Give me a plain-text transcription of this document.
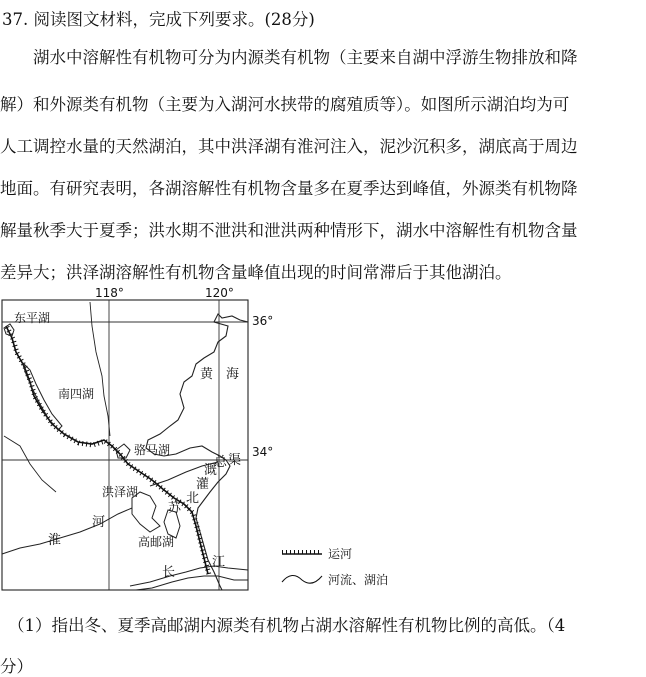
37. 阅读图文材料，完成下列要求。(28分)
湖水中溶解性有机物可分为内源类有机物（主要来自湖中浮游生物排放和降
解）和外源类有机物（主要为入湖河水挟带的腐殖质等）。如图所示湖泊均为可
人工调控水量的天然湖泊，其中洪泽湖有淮河注入，泥沙沉积多，湖底高于周边
地面。有研究表明，各湖溶解性有机物含量多在夏季达到峰值，外源类有机物降
解量秋季大于夏季；洪水期不泄洪和泄洪两种情形下，湖水中溶解性有机物含量
差异大；洪泽湖溶解性有机物含量峰值出现的时间常滞后于其他湖泊。
118°	120°
36°
34°
东平湖
南四湖
骆马湖
洪泽湖
高邮湖
黄 海
淮
河
苏
北
灌
溉
总 渠
长
江
运河
河流、湖泊
（1）指出冬、夏季高邮湖内源类有机物占湖水溶解性有机物比例的高低。（4
分）
